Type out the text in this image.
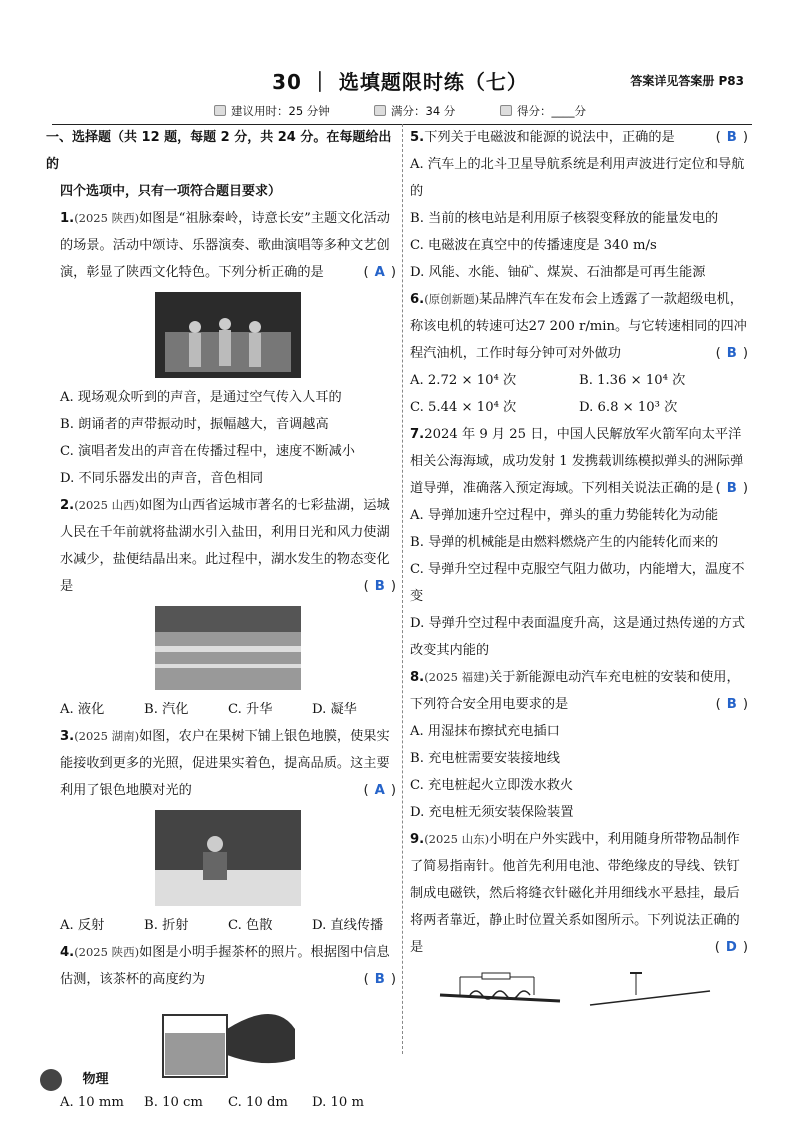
30 ｜ 选填题限时练（七）	答案详见答案册 P83
建议用时：25 分钟	满分：34 分	得分：____分

一、选择题（共 12 题，每题 2 分，共 24 分。在每题给出的
四个选项中，只有一项符合题目要求）

1.(2025 陕西)如图是“祖脉秦岭，诗意长安”主题文化活动的场景。活动中颂诗、乐器演奏、歌曲演唱等多种文艺创演，彰显了陕西文化特色。下列分析正确的是	( A )

A. 现场观众听到的声音，是通过空气传入人耳的

B. 朗诵者的声带振动时，振幅越大，音调越高

C. 演唱者发出的声音在传播过程中，速度不断减小

D. 不同乐器发出的声音，音色相同

2.(2025 山西)如图为山西省运城市著名的七彩盐湖，运城人民在千年前就将盐湖水引入盐田，利用日光和风力使湖水减少，盐便结晶出来。此过程中，湖水发生的物态变化是	( B )

A. 液化	B. 汽化	C. 升华	D. 凝华

3.(2025 湖南)如图，农户在果树下铺上银色地膜，使果实能接收到更多的光照，促进果实着色，提高品质。这主要利用了银色地膜对光的	( A )

A. 反射	B. 折射	C. 色散	D. 直线传播

4.(2025 陕西)如图是小明手握茶杯的照片。根据图中信息估测，该茶杯的高度约为	( B )

A. 10 mm	B. 10 cm	C. 10 dm	D. 10 m

5.下列关于电磁波和能源的说法中，正确的是	( B )

A. 汽车上的北斗卫星导航系统是利用声波进行定位和导航的

B. 当前的核电站是利用原子核裂变释放的能量发电的

C. 电磁波在真空中的传播速度是 340 m/s

D. 风能、水能、铀矿、煤炭、石油都是可再生能源

6.(原创新题)某品牌汽车在发布会上透露了一款超级电机，称该电机的转速可达27 200 r/min。与它转速相同的四冲程汽油机，工作时每分钟可对外做功	( B )

A. 2.72 × 10⁴ 次	B. 1.36 × 10⁴ 次
C. 5.44 × 10⁴ 次	D. 6.8 × 10³ 次

7.2024 年 9 月 25 日，中国人民解放军火箭军向太平洋相关公海海域，成功发射 1 发携载训练模拟弹头的洲际弹道导弹，准确落入预定海域。下列相关说法正确的是 ( B )

A. 导弹加速升空过程中，弹头的重力势能转化为动能

B. 导弹的机械能是由燃料燃烧产生的内能转化而来的

C. 导弹升空过程中克服空气阻力做功，内能增大，温度不变

D. 导弹升空过程中表面温度升高，这是通过热传递的方式改变其内能的

8.(2025 福建)关于新能源电动汽车充电桩的安装和使用，下列符合安全用电要求的是	( B )

A. 用湿抹布擦拭充电插口

B. 充电桩需要安装接地线

C. 充电桩起火立即泼水救火

D. 充电桩无须安装保险装置

9.(2025 山东)小明在户外实践中，利用随身所带物品制作了简易指南针。他首先利用电池、带绝缘皮的导线、铁钉制成电磁铁，然后将缝衣针磁化并用细线水平悬挂，最后将两者靠近，静止时位置关系如图所示。下列说法正确的是	( D )

物理
